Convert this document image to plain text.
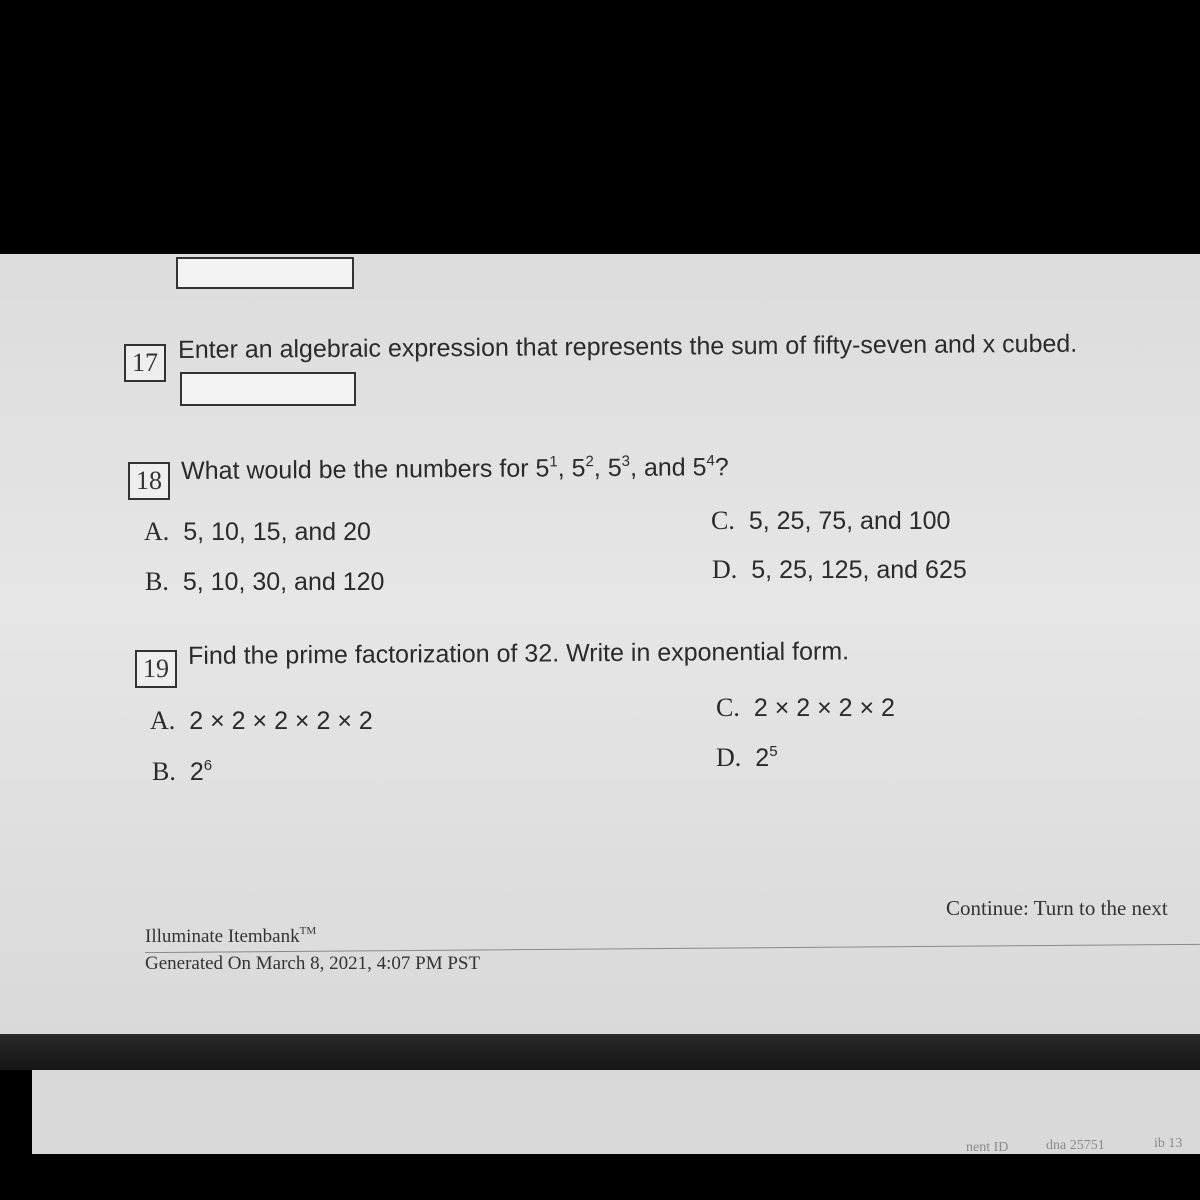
17 Enter an algebraic expression that represents the sum of fifty-seven and x cubed.
18 What would be the numbers for $5^1$, $5^2$, $5^3$, and $5^4$?
A. 5, 10, 15, and 20
B. 5, 10, 30, and 120
C. 5, 25, 75, and 100
D. 5, 25, 125, and 625
19 Find the prime factorization of 32. Write in exponential form.
A. 2 × 2 × 2 × 2 × 2
B. $2^6$
C. 2 × 2 × 2 × 2
D. $2^5$
Illuminate Itembank™
Generated On March 8, 2021, 4:07 PM PST
Continue: Turn to the next
nent ID	dna 25751	ib 13
